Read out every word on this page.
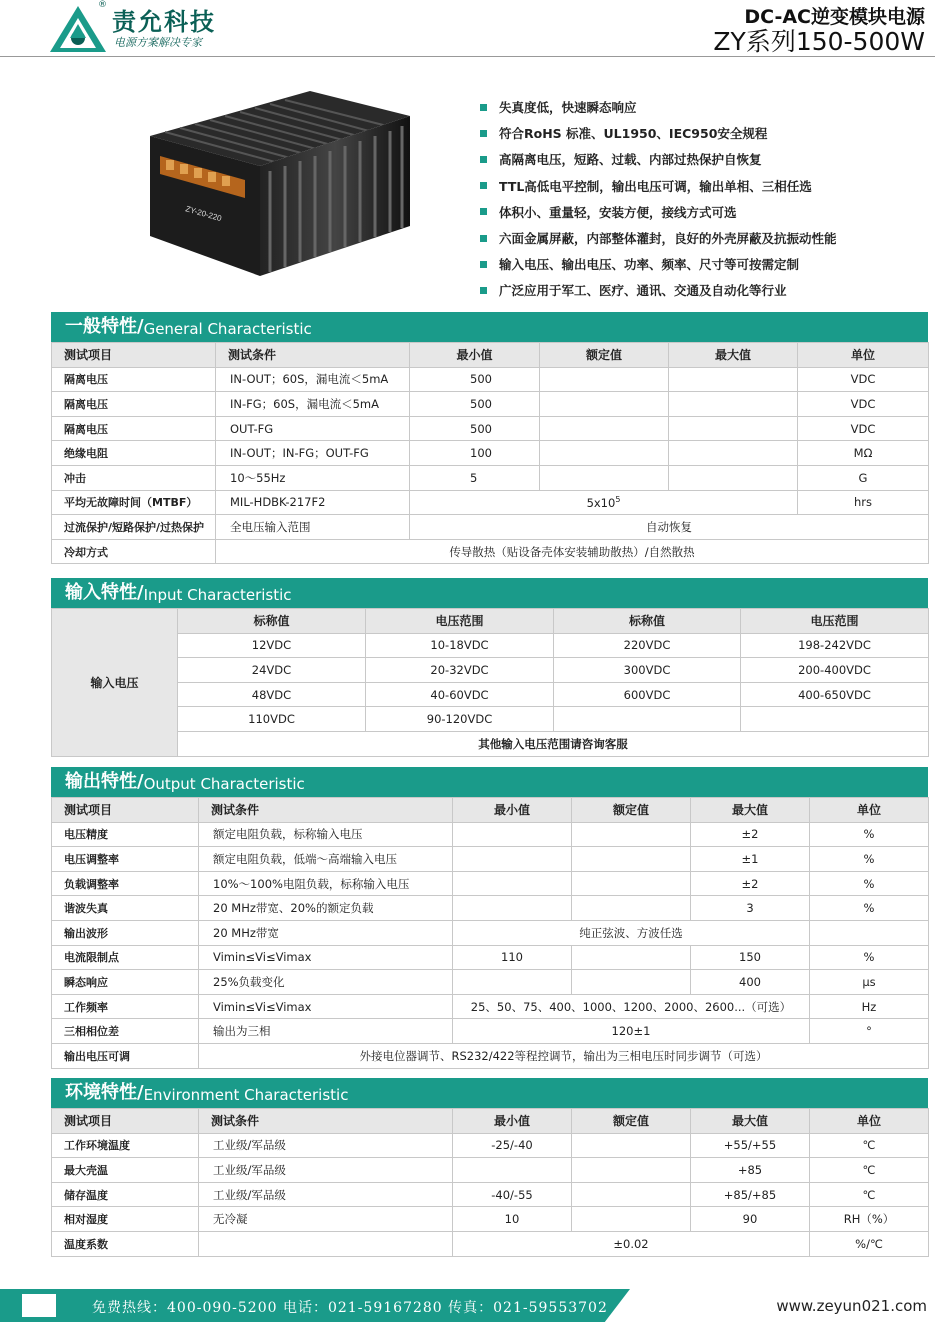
®
责允科技
电源方案解决专家
DC-AC逆变模块电源
ZY系列150-500W
ZY-20-220
失真度低，快速瞬态响应
符合RoHS 标准、UL1950、IEC950安全规程
高隔离电压，短路、过载、内部过热保护自恢复
TTL高低电平控制，输出电压可调，输出单相、三相任选
体积小、重量轻，安装方便，接线方式可选
六面金属屏蔽，内部整体灌封，良好的外壳屏蔽及抗振动性能
输入电压、输出电压、功率、频率、尺寸等可按需定制
广泛应用于军工、医疗、通讯、交通及自动化等行业
一般特性/ General Characteristic
测试项目	测试条件	最小值	额定值	最大值	单位
隔离电压	IN-OUT；60S，漏电流＜5mA	500			VDC
隔离电压	IN-FG；60S，漏电流＜5mA	500			VDC
隔离电压	OUT-FG	500			VDC
绝缘电阻	IN-OUT；IN-FG；OUT-FG	100			MΩ
冲击	10～55Hz	5			G
平均无故障时间（MTBF）	MIL-HDBK-217F2	$5x10^5$			hrs
过流保护/短路保护/过热保护	全电压输入范围	自动恢复			
冷却方式	传导散热（贴设备壳体安装辅助散热）/自然散热				
输入特性/ Input Characteristic
输入电压	标称值	电压范围	标称值	电压范围
	12VDC	10-18VDC	220VDC	198-242VDC
	24VDC	20-32VDC	300VDC	200-400VDC
	48VDC	40-60VDC	600VDC	400-650VDC
	110VDC	90-120VDC		
	其他输入电压范围请咨询客服			
输出特性/ Output Characteristic
测试项目	测试条件	最小值	额定值	最大值	单位
电压精度	额定电阻负载，标称输入电压			±2	%
电压调整率	额定电阻负载，低端～高端输入电压			±1	%
负载调整率	10%～100%电阻负载，标称输入电压			±2	%
谐波失真	20 MHz带宽、20%的额定负载			3	%
输出波形	20 MHz带宽	纯正弦波、方波任选			
电流限制点	Vimin≤Vi≤Vimax	110		150	%
瞬态响应	25%负载变化			400	μs
工作频率	Vimin≤Vi≤Vimax	25、50、75、400、1000、1200、2000、2600...（可选）			Hz
三相相位差	输出为三相	120±1			°
输出电压可调	外接电位器调节、RS232/422等程控调节，输出为三相电压时同步调节（可选）				
环境特性/ Environment Characteristic
测试项目	测试条件	最小值	额定值	最大值	单位
工作环境温度	工业级/军品级	-25/-40		+55/+55	℃
最大壳温	工业级/军品级			+85	℃
储存温度	工业级/军品级	-40/-55		+85/+85	℃
相对湿度	无冷凝	10		90	RH（%）
温度系数		±0.02			%/℃
免费热线：400-090-5200 电话：021-59167280 传真：021-59553702	www.zeyun021.com
